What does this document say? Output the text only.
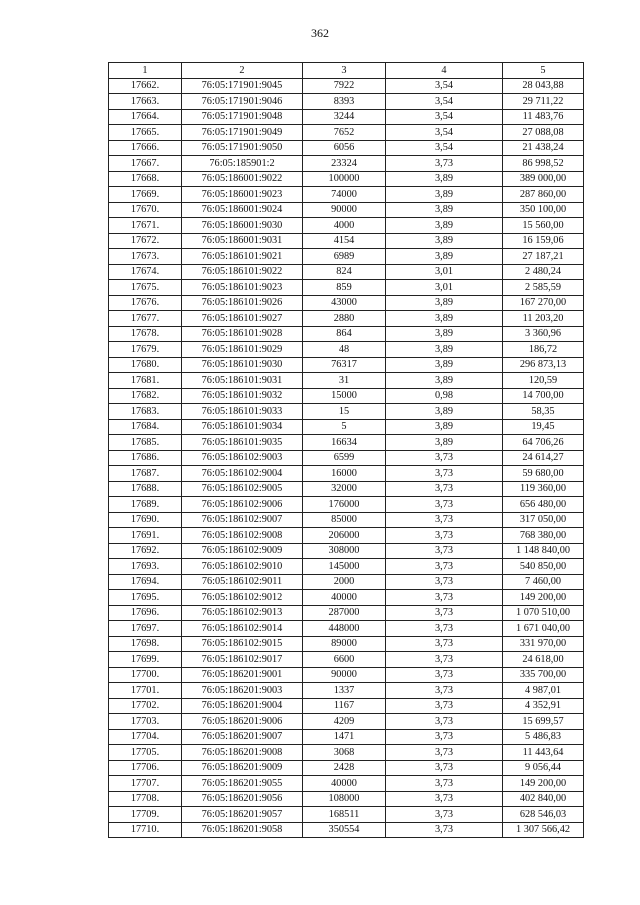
362
1	2	3	4	5
17662.	76:05:171901:9045	7922	3,54	28 043,88
17663.	76:05:171901:9046	8393	3,54	29 711,22
17664.	76:05:171901:9048	3244	3,54	11 483,76
17665.	76:05:171901:9049	7652	3,54	27 088,08
17666.	76:05:171901:9050	6056	3,54	21 438,24
17667.	76:05:185901:2	23324	3,73	86 998,52
17668.	76:05:186001:9022	100000	3,89	389 000,00
17669.	76:05:186001:9023	74000	3,89	287 860,00
17670.	76:05:186001:9024	90000	3,89	350 100,00
17671.	76:05:186001:9030	4000	3,89	15 560,00
17672.	76:05:186001:9031	4154	3,89	16 159,06
17673.	76:05:186101:9021	6989	3,89	27 187,21
17674.	76:05:186101:9022	824	3,01	2 480,24
17675.	76:05:186101:9023	859	3,01	2 585,59
17676.	76:05:186101:9026	43000	3,89	167 270,00
17677.	76:05:186101:9027	2880	3,89	11 203,20
17678.	76:05:186101:9028	864	3,89	3 360,96
17679.	76:05:186101:9029	48	3,89	186,72
17680.	76:05:186101:9030	76317	3,89	296 873,13
17681.	76:05:186101:9031	31	3,89	120,59
17682.	76:05:186101:9032	15000	0,98	14 700,00
17683.	76:05:186101:9033	15	3,89	58,35
17684.	76:05:186101:9034	5	3,89	19,45
17685.	76:05:186101:9035	16634	3,89	64 706,26
17686.	76:05:186102:9003	6599	3,73	24 614,27
17687.	76:05:186102:9004	16000	3,73	59 680,00
17688.	76:05:186102:9005	32000	3,73	119 360,00
17689.	76:05:186102:9006	176000	3,73	656 480,00
17690.	76:05:186102:9007	85000	3,73	317 050,00
17691.	76:05:186102:9008	206000	3,73	768 380,00
17692.	76:05:186102:9009	308000	3,73	1 148 840,00
17693.	76:05:186102:9010	145000	3,73	540 850,00
17694.	76:05:186102:9011	2000	3,73	7 460,00
17695.	76:05:186102:9012	40000	3,73	149 200,00
17696.	76:05:186102:9013	287000	3,73	1 070 510,00
17697.	76:05:186102:9014	448000	3,73	1 671 040,00
17698.	76:05:186102:9015	89000	3,73	331 970,00
17699.	76:05:186102:9017	6600	3,73	24 618,00
17700.	76:05:186201:9001	90000	3,73	335 700,00
17701.	76:05:186201:9003	1337	3,73	4 987,01
17702.	76:05:186201:9004	1167	3,73	4 352,91
17703.	76:05:186201:9006	4209	3,73	15 699,57
17704.	76:05:186201:9007	1471	3,73	5 486,83
17705.	76:05:186201:9008	3068	3,73	11 443,64
17706.	76:05:186201:9009	2428	3,73	9 056,44
17707.	76:05:186201:9055	40000	3,73	149 200,00
17708.	76:05:186201:9056	108000	3,73	402 840,00
17709.	76:05:186201:9057	168511	3,73	628 546,03
17710.	76:05:186201:9058	350554	3,73	1 307 566,42
